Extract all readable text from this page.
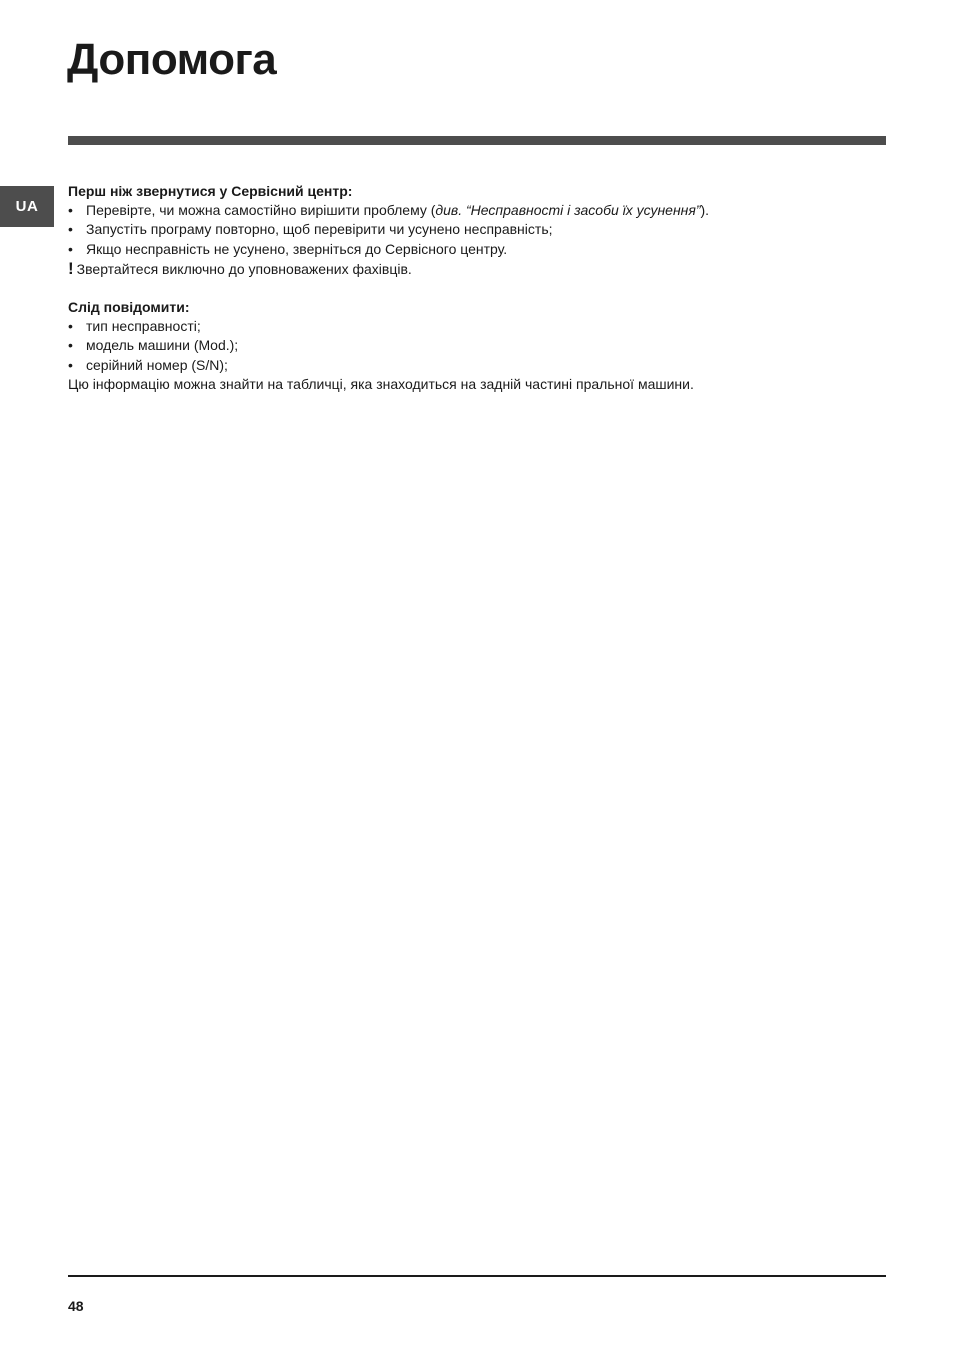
Допомога
UA

Перш ніж звернутися у Сервісний центр:

• Перевірте, чи можна самостійно вирішити проблему (див. “Несправності і засоби їх усунення”).
• Запустіть програму повторно, щоб перевірити чи усунено несправність;
• Якщо несправність не усунено, зверніться до Сервісного центру.

! Звертайтеся виключно до уповноважених фахівців.

Слід повідомити:

• тип несправності;
• модель машини (Mod.);
• серійний номер (S/N);

Цю інформацію можна знайти на табличці, яка знаходиться на задній частині пральної машини.

48
